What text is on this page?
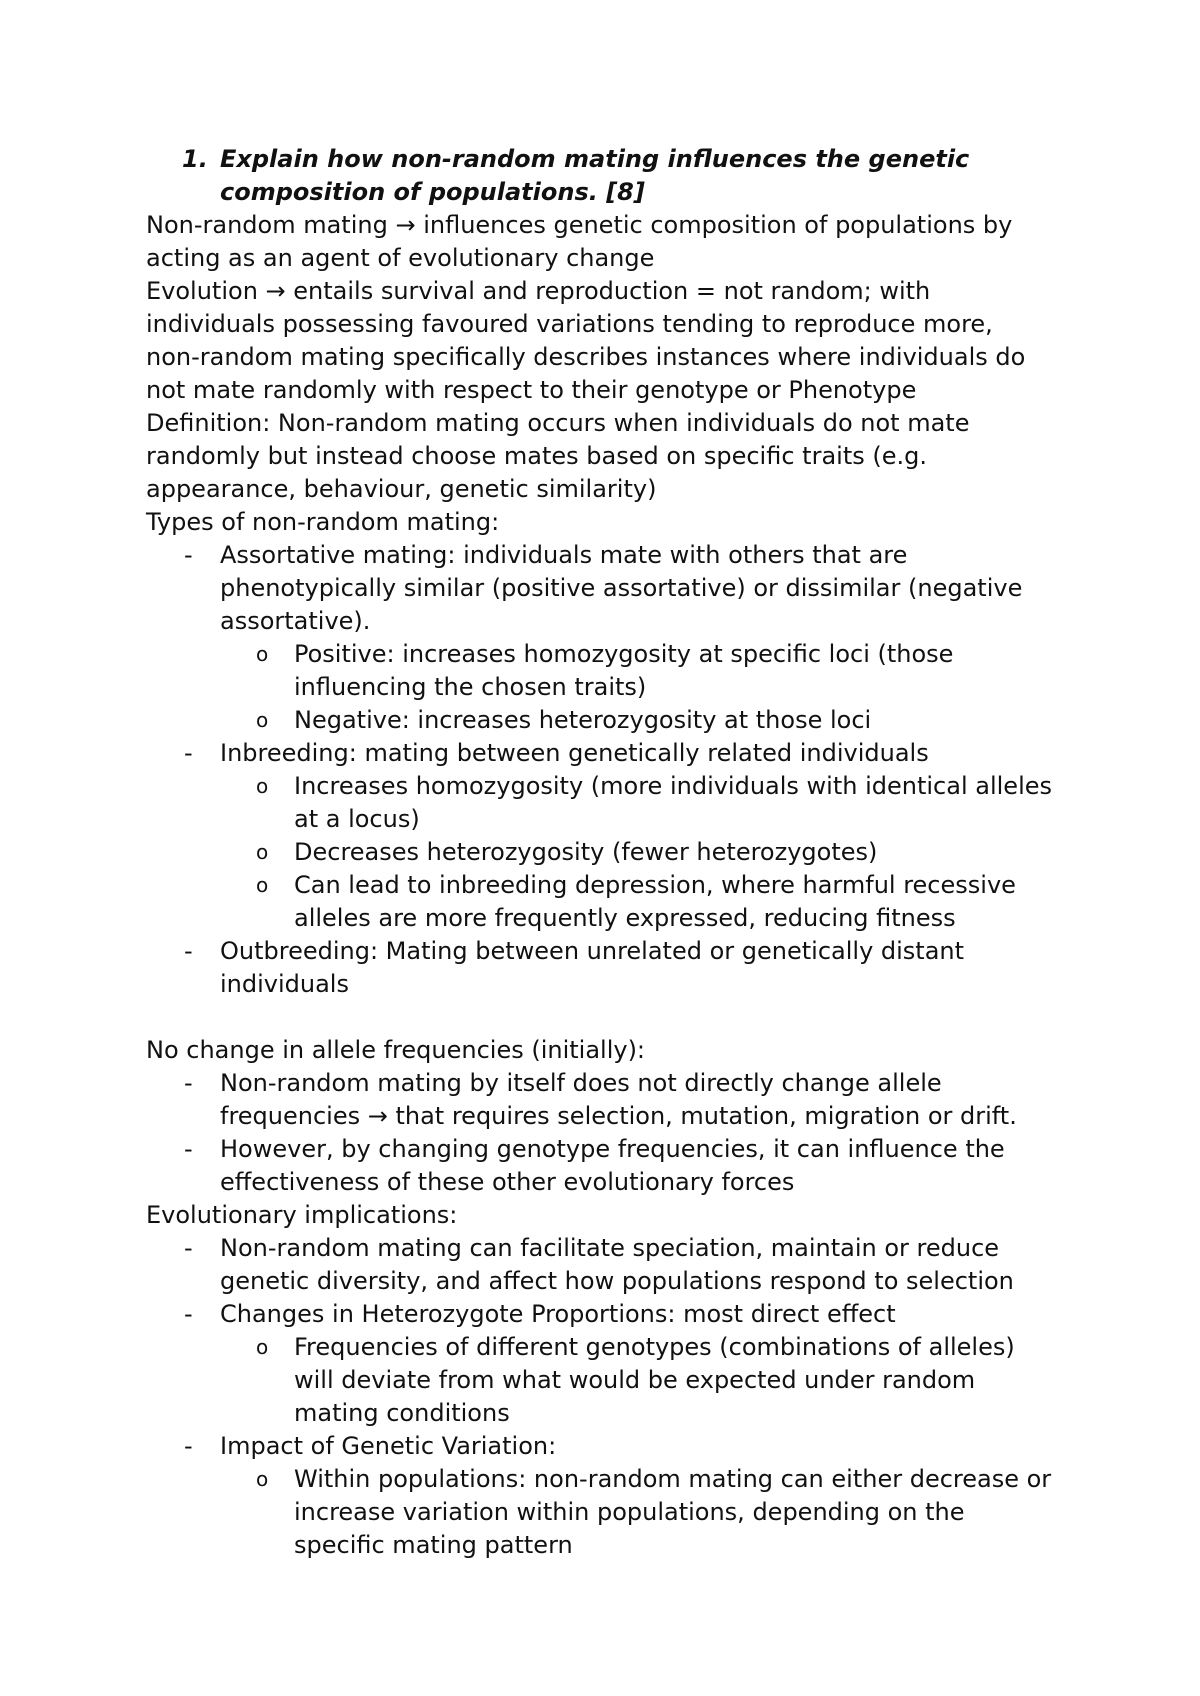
1. Explain how non-random mating influences the genetic
composition of populations. [8]
Non-random mating → influences genetic composition of populations by
acting as an agent of evolutionary change
Evolution → entails survival and reproduction = not random; with
individuals possessing favoured variations tending to reproduce more,
non-random mating specifically describes instances where individuals do
not mate randomly with respect to their genotype or Phenotype
Definition: Non-random mating occurs when individuals do not mate
randomly but instead choose mates based on specific traits (e.g.
appearance, behaviour, genetic similarity)
Types of non-random mating:
- Assortative mating: individuals mate with others that are
phenotypically similar (positive assortative) or dissimilar (negative
assortative).
o Positive: increases homozygosity at specific loci (those
influencing the chosen traits)
o Negative: increases heterozygosity at those loci
- Inbreeding: mating between genetically related individuals
o Increases homozygosity (more individuals with identical alleles
at a locus)
o Decreases heterozygosity (fewer heterozygotes)
o Can lead to inbreeding depression, where harmful recessive
alleles are more frequently expressed, reducing fitness
- Outbreeding: Mating between unrelated or genetically distant
individuals
No change in allele frequencies (initially):
- Non-random mating by itself does not directly change allele
frequencies → that requires selection, mutation, migration or drift.
- However, by changing genotype frequencies, it can influence the
effectiveness of these other evolutionary forces
Evolutionary implications:
- Non-random mating can facilitate speciation, maintain or reduce
genetic diversity, and affect how populations respond to selection
- Changes in Heterozygote Proportions: most direct effect
o Frequencies of different genotypes (combinations of alleles)
will deviate from what would be expected under random
mating conditions
- Impact of Genetic Variation:
o Within populations: non-random mating can either decrease or
increase variation within populations, depending on the
specific mating pattern
